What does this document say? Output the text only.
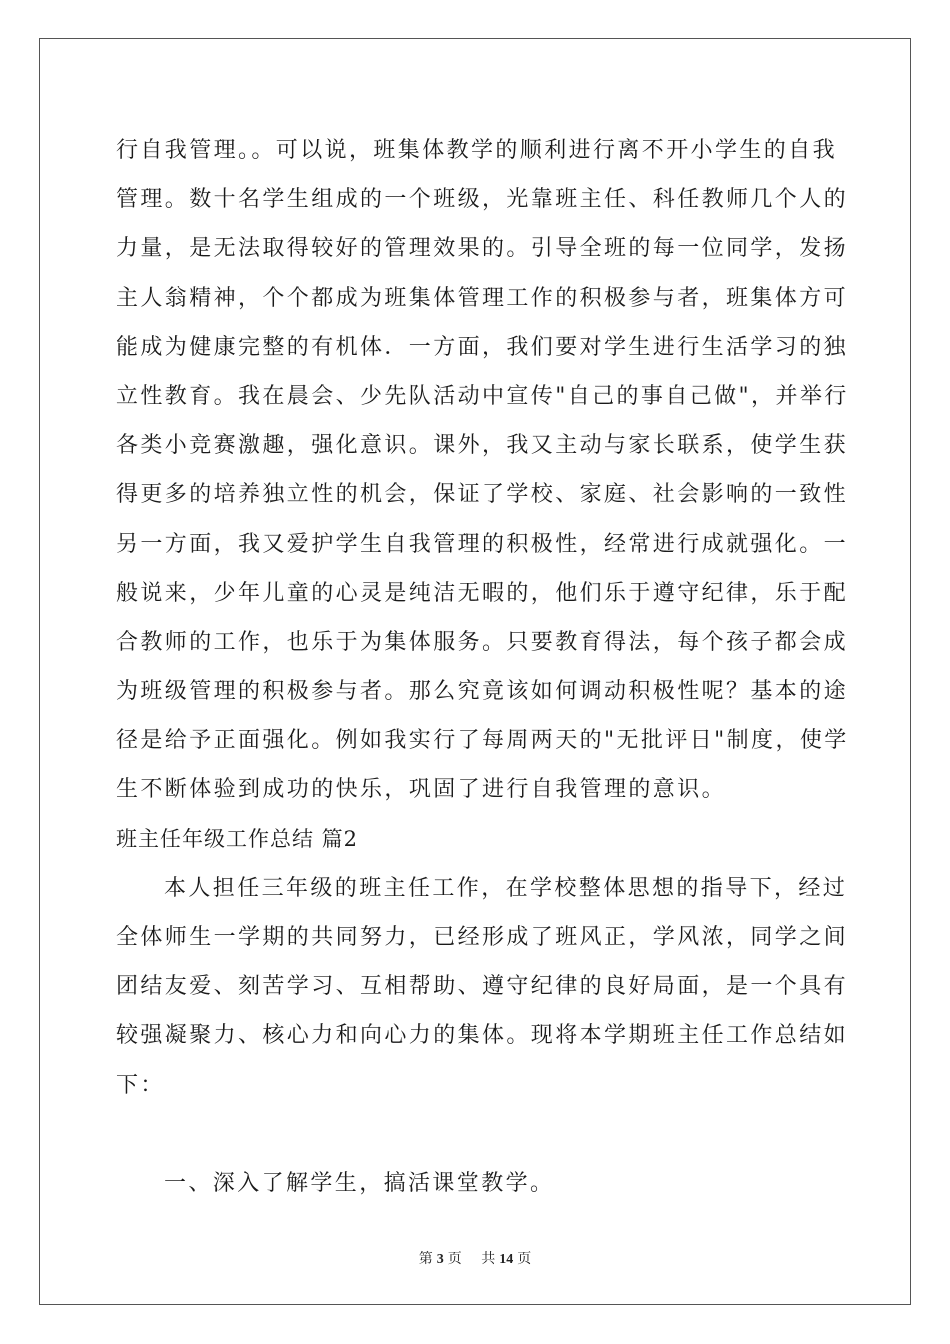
行自我管理。。可以说，班集体教学的顺利进行离不开小学生的自我
管理。数十名学生组成的一个班级，光靠班主任、科任教师几个人的
力量，是无法取得较好的管理效果的。引导全班的每一位同学，发扬
主人翁精神，个个都成为班集体管理工作的积极参与者，班集体方可
能成为健康完整的有机体．一方面，我们要对学生进行生活学习的独
立性教育。我在晨会、少先队活动中宣传"自己的事自己做"，并举行
各类小竞赛激趣，强化意识。课外，我又主动与家长联系，使学生获
得更多的培养独立性的机会，保证了学校、家庭、社会影响的一致性
另一方面，我又爱护学生自我管理的积极性，经常进行成就强化。一
般说来，少年儿童的心灵是纯洁无暇的，他们乐于遵守纪律，乐于配
合教师的工作，也乐于为集体服务。只要教育得法，每个孩子都会成
为班级管理的积极参与者。那么究竟该如何调动积极性呢？基本的途
径是给予正面强化。例如我实行了每周两天的"无批评日"制度，使学
生不断体验到成功的快乐，巩固了进行自我管理的意识。
班主任年级工作总结 篇2
本人担任三年级的班主任工作，在学校整体思想的指导下，经过
全体师生一学期的共同努力，已经形成了班风正，学风浓，同学之间
团结友爱、刻苦学习、互相帮助、遵守纪律的良好局面，是一个具有
较强凝聚力、核心力和向心力的集体。现将本学期班主任工作总结如
下：
一、深入了解学生，搞活课堂教学。
第 3 页 共 14 页
